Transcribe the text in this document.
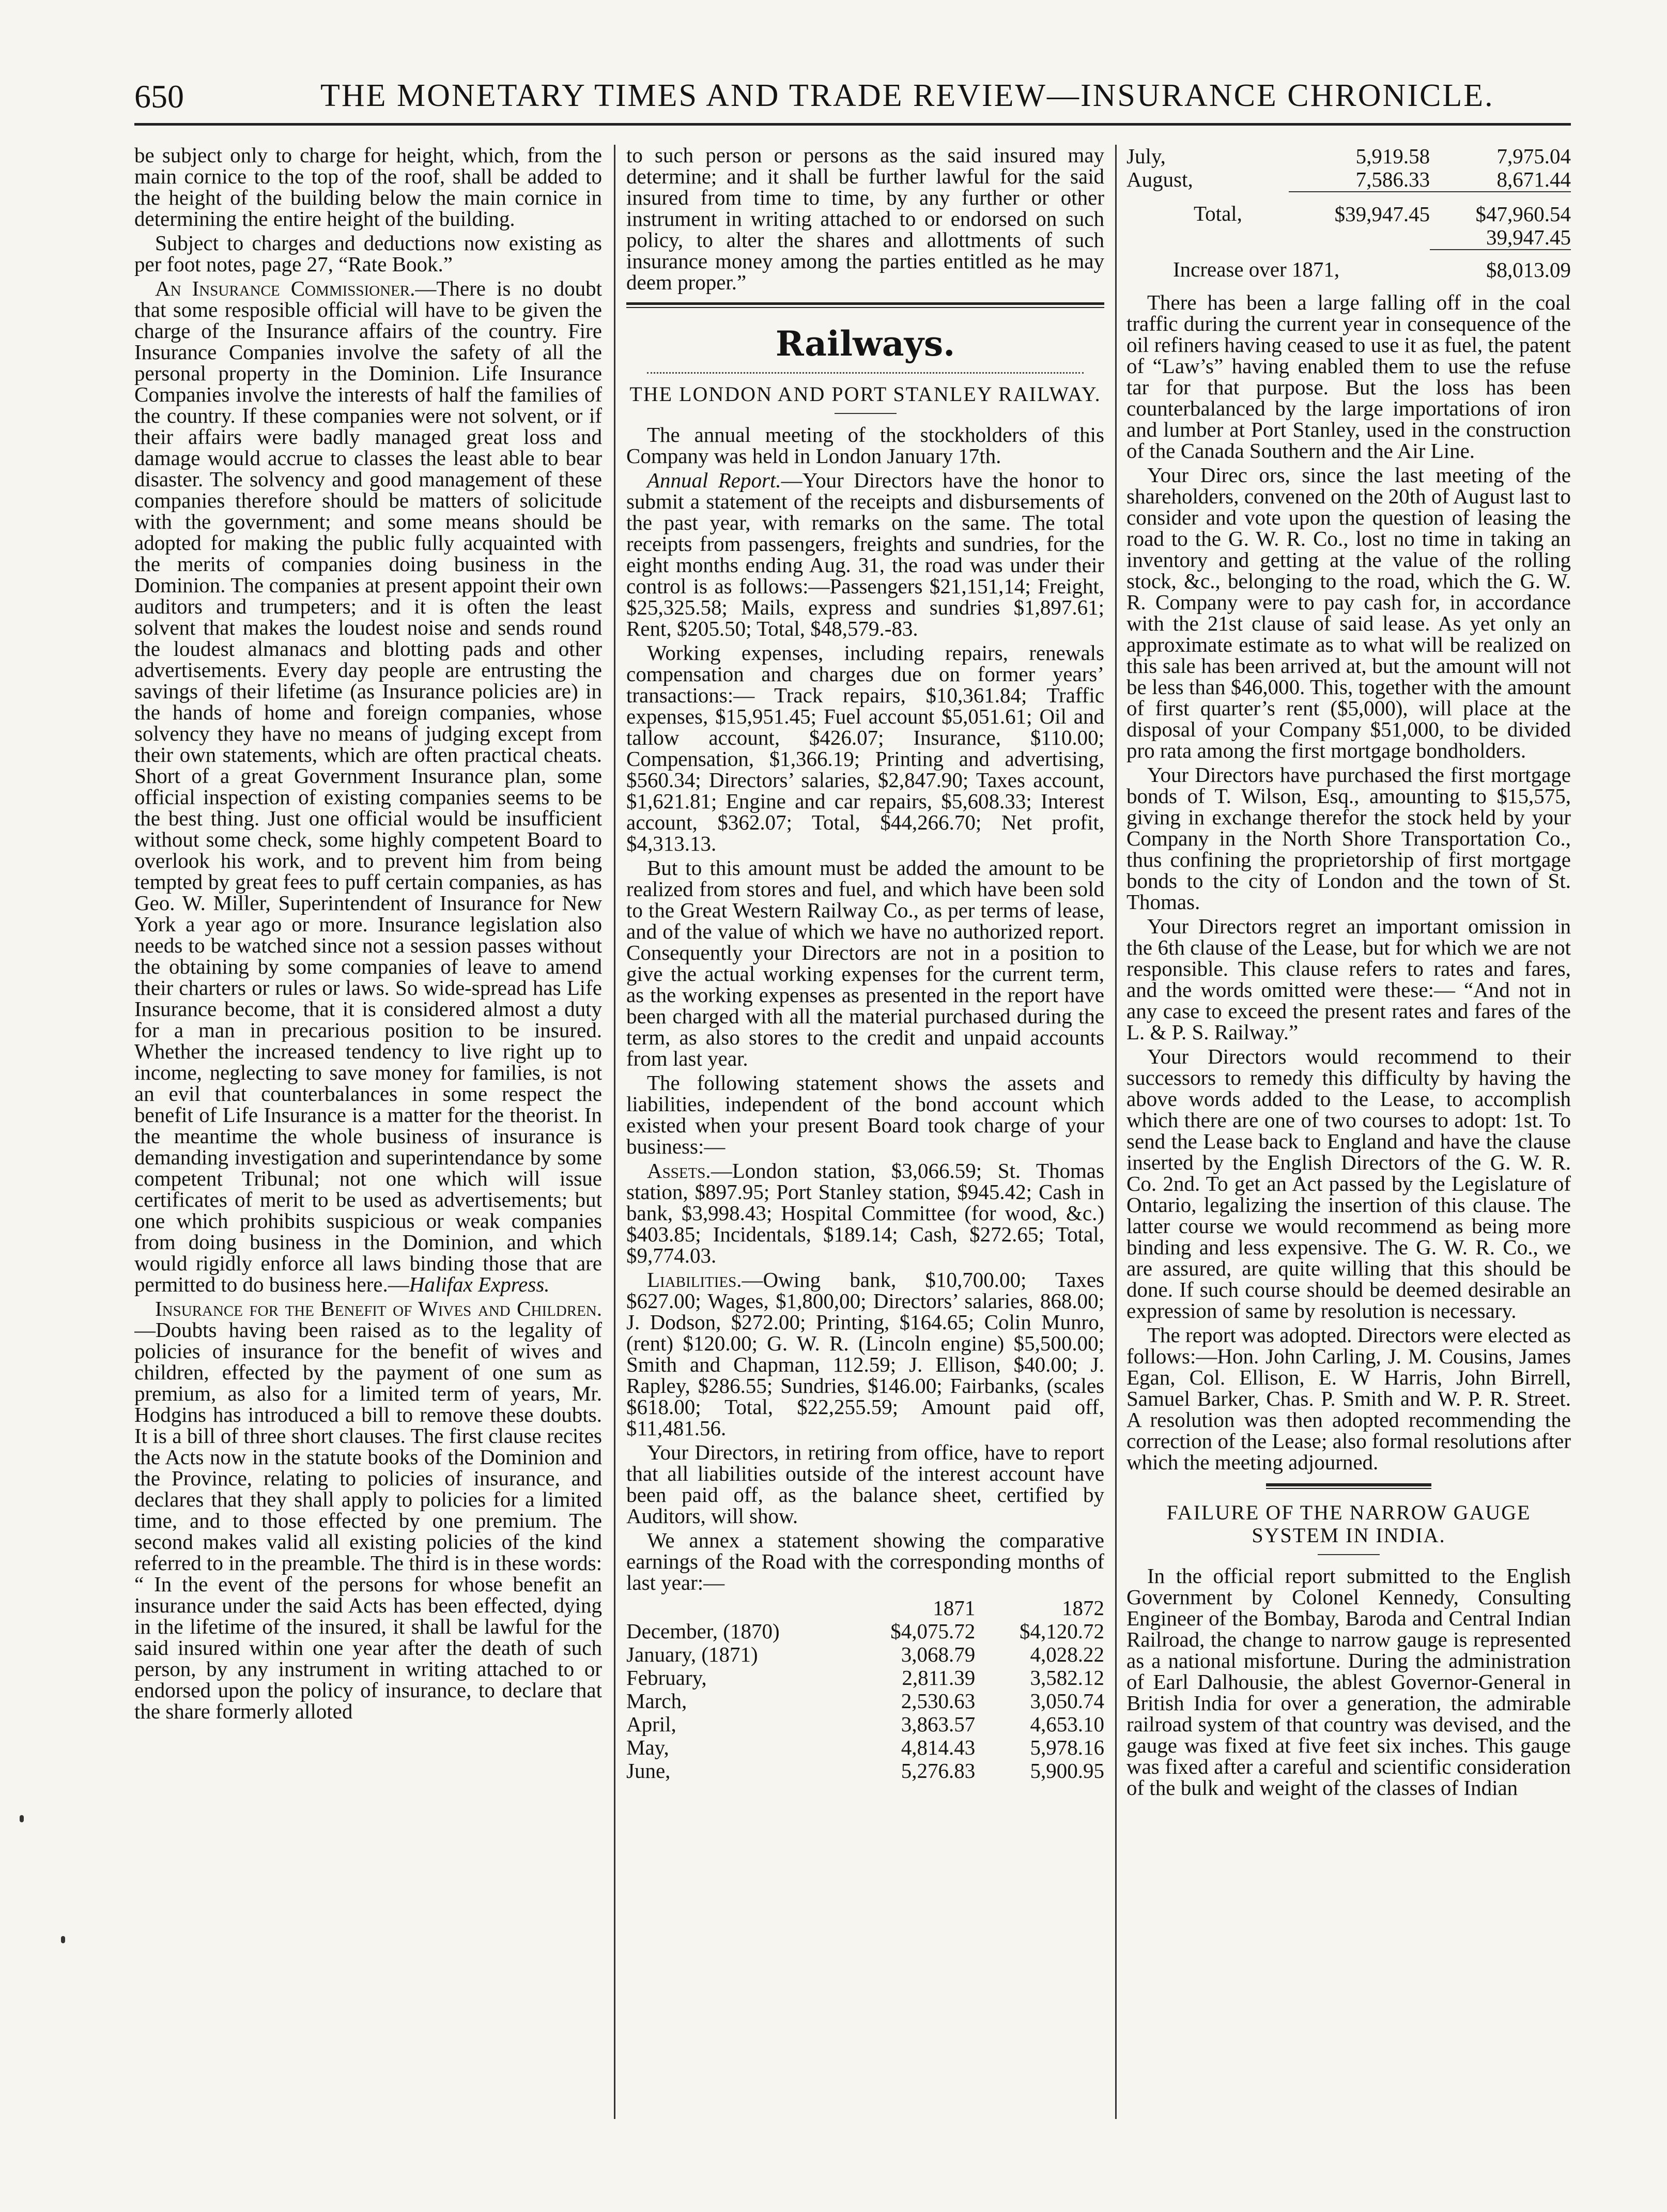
650	THE MONETARY TIMES AND TRADE REVIEW—INSURANCE CHRONICLE.

be subject only to charge for height, which, from the main cornice to the top of the roof, shall be added to the height of the building below the main cornice in determining the entire height of the building.

Subject to charges and deductions now existing as per foot notes, page 27, “Rate Book.”

An Insurance Commissioner.—There is no doubt that some resposible official will have to be given the charge of the Insurance affairs of the country. Fire Insurance Companies involve the safety of all the personal property in the Dominion. Life Insurance Companies involve the interests of half the families of the country. If these companies were not solvent, or if their affairs were badly managed great loss and damage would accrue to classes the least able to bear disaster. The solvency and good management of these companies therefore should be matters of solicitude with the government; and some means should be adopted for making the public fully acquainted with the merits of companies doing business in the Dominion. The companies at present appoint their own auditors and trumpeters; and it is often the least solvent that makes the loudest noise and sends round the loudest almanacs and blotting pads and other advertisements. Every day people are entrusting the savings of their lifetime (as Insurance policies are) in the hands of home and foreign companies, whose solvency they have no means of judging except from their own statements, which are often practical cheats. Short of a great Government Insurance plan, some official inspection of existing companies seems to be the best thing. Just one official would be insufficient without some check, some highly competent Board to overlook his work, and to prevent him from being tempted by great fees to puff certain companies, as has Geo. W. Miller, Superintendent of Insurance for New York a year ago or more. Insurance legislation also needs to be watched since not a session passes without the obtaining by some companies of leave to amend their charters or rules or laws. So wide-spread has Life Insurance become, that it is considered almost a duty for a man in precarious position to be insured. Whether the increased tendency to live right up to income, neglecting to save money for families, is not an evil that counterbalances in some respect the benefit of Life Insurance is a matter for the theorist. In the meantime the whole business of insurance is demanding investigation and superintendance by some competent Tribunal; not one which will issue certificates of merit to be used as advertisements; but one which prohibits suspicious or weak companies from doing business in the Dominion, and which would rigidly enforce all laws binding those that are permitted to do business here.—Halifax Express.

Insurance for the Benefit of Wives and Children.—Doubts having been raised as to the legality of policies of insurance for the benefit of wives and children, effected by the payment of one sum as premium, as also for a limited term of years, Mr. Hodgins has introduced a bill to remove these doubts. It is a bill of three short clauses. The first clause recites the Acts now in the statute books of the Dominion and the Province, relating to policies of insurance, and declares that they shall apply to policies for a limited time, and to those effected by one premium. The second makes valid all existing policies of the kind referred to in the preamble. The third is in these words: “ In the event of the persons for whose benefit an insurance under the said Acts has been effected, dying in the lifetime of the insured, it shall be lawful for the said insured within one year after the death of such person, by any instrument in writing attached to or endorsed upon the policy of insurance, to declare that the share formerly alloted

to such person or persons as the said insured may determine; and it shall be further lawful for the said insured from time to time, by any further or other instrument in writing attached to or endorsed on such policy, to alter the shares and allottments of such insurance money among the parties entitled as he may deem proper.”

Railways.
THE LONDON AND PORT STANLEY RAILWAY.

The annual meeting of the stockholders of this Company was held in London January 17th.

Annual Report.—Your Directors have the honor to submit a statement of the receipts and disbursements of the past year, with remarks on the same. The total receipts from passengers, freights and sundries, for the eight months ending Aug. 31, the road was under their control is as follows:—Passengers $21,151,14; Freight, $25,325.58; Mails, express and sundries $1,897.61; Rent, $205.50; Total, $48,579.-83.

Working expenses, including repairs, renewals compensation and charges due on former years’ transactions:— Track repairs, $10,361.84; Traffic expenses, $15,951.45; Fuel account $5,051.61; Oil and tallow account, $426.07; Insurance, $110.00; Compensation, $1,366.19; Printing and advertising, $560.34; Directors’ salaries, $2,847.90; Taxes account, $1,621.81; Engine and car repairs, $5,608.33; Interest account, $362.07; Total, $44,266.70; Net profit, $4,313.13.

But to this amount must be added the amount to be realized from stores and fuel, and which have been sold to the Great Western Railway Co., as per terms of lease, and of the value of which we have no authorized report. Consequently your Directors are not in a position to give the actual working expenses for the current term, as the working expenses as presented in the report have been charged with all the material purchased during the term, as also stores to the credit and unpaid accounts from last year.

The following statement shows the assets and liabilities, independent of the bond account which existed when your present Board took charge of your business:—

Assets.—London station, $3,066.59; St. Thomas station, $897.95; Port Stanley station, $945.42; Cash in bank, $3,998.43; Hospital Committee (for wood, &c.) $403.85; Incidentals, $189.14; Cash, $272.65; Total, $9,774.03.

Liabilities.—Owing bank, $10,700.00; Taxes $627.00; Wages, $1,800,00; Directors’ salaries, 868.00; J. Dodson, $272.00; Printing, $164.65; Colin Munro, (rent) $120.00; G. W. R. (Lincoln engine) $5,500.00; Smith and Chapman, 112.59; J. Ellison, $40.00; J. Rapley, $286.55; Sundries, $146.00; Fairbanks, (scales $618.00; Total, $22,255.59; Amount paid off, $11,481.56.

Your Directors, in retiring from office, have to report that all liabilities outside of the interest account have been paid off, as the balance sheet, certified by Auditors, will show.

We annex a statement showing the comparative earnings of the Road with the corresponding months of last year:—

	1871	1872
December, (1870)	$4,075.72	$4,120.72
January, (1871)	3,068.79	4,028.22
February,	2,811.39	3,582.12
March,	2,530.63	3,050.74
April,	3,863.57	4,653.10
May,	4,814.43	5,978.16
June,	5,276.83	5,900.95
July,	5,919.58	7,975.04
August,	7,586.33	8,671.44
Total,	$39,947.45	$47,960.54
		39,947.45
Increase over 1871,		$8,013.09

There has been a large falling off in the coal traffic during the current year in consequence of the oil refiners having ceased to use it as fuel, the patent of “Law’s” having enabled them to use the refuse tar for that purpose. But the loss has been counterbalanced by the large importations of iron and lumber at Port Stanley, used in the construction of the Canada Southern and the Air Line.

Your Direc ors, since the last meeting of the shareholders, convened on the 20th of August last to consider and vote upon the question of leasing the road to the G. W. R. Co., lost no time in taking an inventory and getting at the value of the rolling stock, &c., belonging to the road, which the G. W. R. Company were to pay cash for, in accordance with the 21st clause of said lease. As yet only an approximate estimate as to what will be realized on this sale has been arrived at, but the amount will not be less than $46,000. This, together with the amount of first quarter’s rent ($5,000), will place at the disposal of your Company $51,000, to be divided pro rata among the first mortgage bondholders.

Your Directors have purchased the first mortgage bonds of T. Wilson, Esq., amounting to $15,575, giving in exchange therefor the stock held by your Company in the North Shore Transportation Co., thus confining the proprietorship of first mortgage bonds to the city of London and the town of St. Thomas.

Your Directors regret an important omission in the 6th clause of the Lease, but for which we are not responsible. This clause refers to rates and fares, and the words omitted were these:— “And not in any case to exceed the present rates and fares of the L. & P. S. Railway.”

Your Directors would recommend to their successors to remedy this difficulty by having the above words added to the Lease, to accomplish which there are one of two courses to adopt: 1st. To send the Lease back to England and have the clause inserted by the English Directors of the G. W. R. Co. 2nd. To get an Act passed by the Legislature of Ontario, legalizing the insertion of this clause. The latter course we would recommend as being more binding and less expensive. The G. W. R. Co., we are assured, are quite willing that this should be done. If such course should be deemed desirable an expression of same by resolution is necessary.

The report was adopted. Directors were elected as follows:—Hon. John Carling, J. M. Cousins, James Egan, Col. Ellison, E. W Harris, John Birrell, Samuel Barker, Chas. P. Smith and W. P. R. Street. A resolution was then adopted recommending the correction of the Lease; also formal resolutions after which the meeting adjourned.

FAILURE OF THE NARROW GAUGE SYSTEM IN INDIA.

In the official report submitted to the English Government by Colonel Kennedy, Consulting Engineer of the Bombay, Baroda and Central Indian Railroad, the change to narrow gauge is represented as a national misfortune. During the administration of Earl Dalhousie, the ablest Governor-General in British India for over a generation, the admirable railroad system of that country was devised, and the gauge was fixed at five feet six inches. This gauge was fixed after a careful and scientific consideration of the bulk and weight of the classes of Indian
